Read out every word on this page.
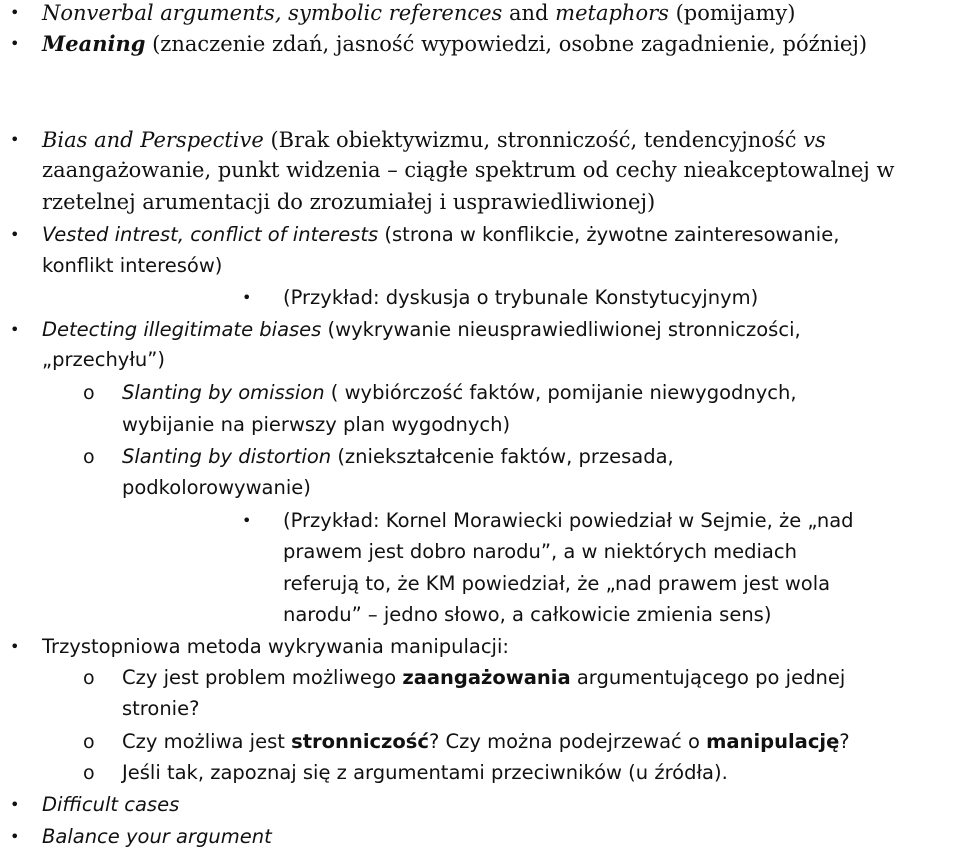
• Nonverbal arguments, symbolic references and metaphors (pomijamy)
• Meaning (znaczenie zdań, jasność wypowiedzi, osobne zagadnienie, później)
• Bias and Perspective (Brak obiektywizmu, stronniczość, tendencyjność vs
zaangażowanie, punkt widzenia – ciągłe spektrum od cechy nieakceptowalnej w
rzetelnej arumentacji do zrozumiałej i usprawiedliwionej)
• Vested intrest, conflict of interests (strona w konflikcie, żywotne zainteresowanie,
konflikt interesów)
• (Przykład: dyskusja o trybunale Konstytucyjnym)
• Detecting illegitimate biases (wykrywanie nieusprawiedliwionej stronniczości,
„przechyłu”)
o Slanting by omission ( wybiórczość faktów, pomijanie niewygodnych,
wybijanie na pierwszy plan wygodnych)
o Slanting by distortion (zniekształcenie faktów, przesada,
podkolorowywanie)
• (Przykład: Kornel Morawiecki powiedział w Sejmie, że „nad
prawem jest dobro narodu”, a w niektórych mediach
referują to, że KM powiedział, że „nad prawem jest wola
narodu” – jedno słowo, a całkowicie zmienia sens)
• Trzystopniowa metoda wykrywania manipulacji:
o Czy jest problem możliwego zaangażowania argumentującego po jednej
stronie?
o Czy możliwa jest stronniczość? Czy można podejrzewać o manipulację?
o Jeśli tak, zapoznaj się z argumentami przeciwników (u źródła).
• Difficult cases
• Balance your argument
